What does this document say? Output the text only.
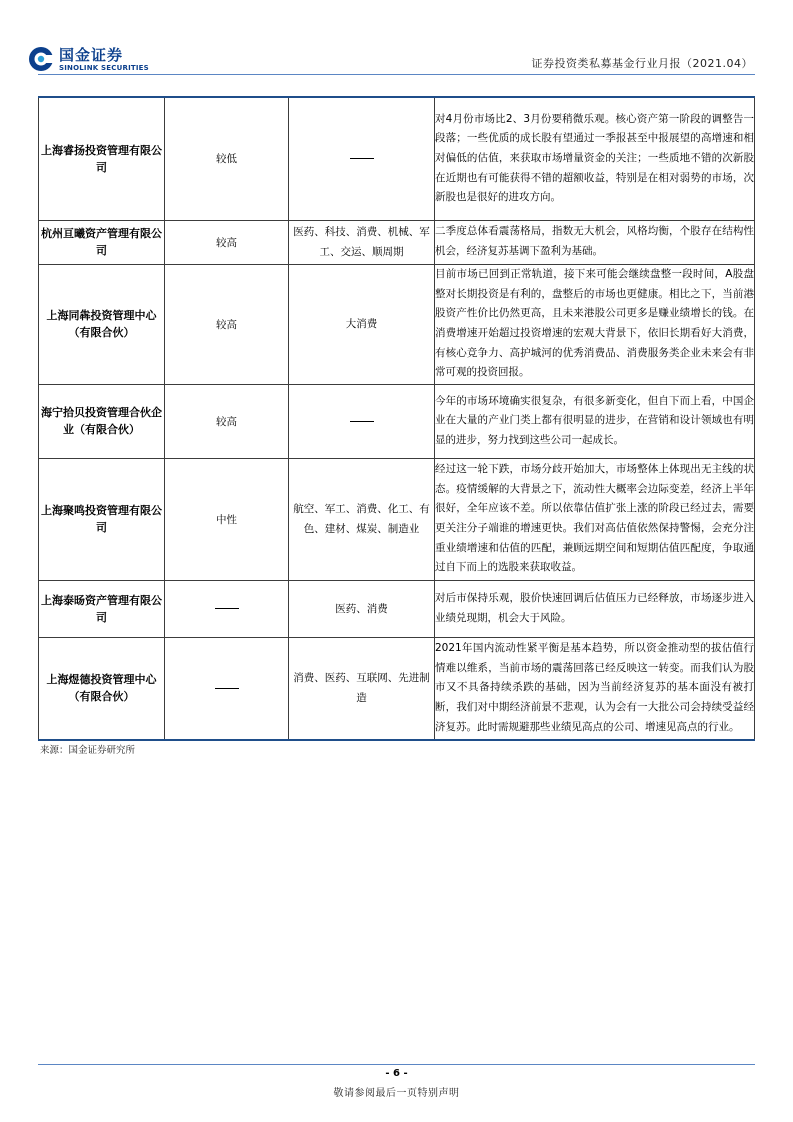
国金证券
SINOLINK SECURITIES	证券投资类私募基金行业月报（2021.04）
上海睿扬投资管理有限公司	较低		对4月份市场比2、3月份要稍微乐观。核心资产第一阶段的调整告一段落；一些优质的成长股有望通过一季报甚至中报展望的高增速和相对偏低的估值，来获取市场增量资金的关注；一些质地不错的次新股在近期也有可能获得不错的超额收益，特别是在相对弱势的市场，次新股也是很好的进攻方向。
杭州亘曦资产管理有限公司	较高	医药、科技、消费、机械、军工、交运、顺周期	二季度总体看震荡格局，指数无大机会，风格均衡，个股存在结构性机会，经济复苏基调下盈利为基础。
上海同犇投资管理中心（有限合伙）	较高	大消费	目前市场已回到正常轨道，接下来可能会继续盘整一段时间，A股盘整对长期投资是有利的，盘整后的市场也更健康。相比之下，当前港股资产性价比仍然更高，且未来港股公司更多是赚业绩增长的钱。在消费增速开始超过投资增速的宏观大背景下，依旧长期看好大消费，有核心竞争力、高护城河的优秀消费品、消费服务类企业未来会有非常可观的投资回报。
海宁拾贝投资管理合伙企业（有限合伙）	较高		今年的市场环境确实很复杂，有很多新变化，但自下而上看，中国企业在大量的产业门类上都有很明显的进步，在营销和设计领域也有明显的进步，努力找到这些公司一起成长。
上海聚鸣投资管理有限公司	中性	航空、军工、消费、化工、有色、建材、煤炭、制造业	经过这一轮下跌，市场分歧开始加大，市场整体上体现出无主线的状态。疫情缓解的大背景之下，流动性大概率会边际变差，经济上半年很好，全年应该不差。所以依靠估值扩张上涨的阶段已经过去，需要更关注分子端谁的增速更快。我们对高估值依然保持警惕，会充分注重业绩增速和估值的匹配，兼顾远期空间和短期估值匹配度，争取通过自下而上的选股来获取收益。
上海泰旸资产管理有限公司		医药、消费	对后市保持乐观，股价快速回调后估值压力已经释放，市场逐步进入业绩兑现期，机会大于风险。
上海煜德投资管理中心（有限合伙）		消费、医药、互联网、先进制造	2021年国内流动性紧平衡是基本趋势，所以资金推动型的拔估值行情难以维系，当前市场的震荡回落已经反映这一转变。而我们认为股市又不具备持续杀跌的基础，因为当前经济复苏的基本面没有被打断，我们对中期经济前景不悲观，认为会有一大批公司会持续受益经济复苏。此时需规避那些业绩见高点的公司、增速见高点的行业。
来源：国金证券研究所
- 6 -
敬请参阅最后一页特别声明
